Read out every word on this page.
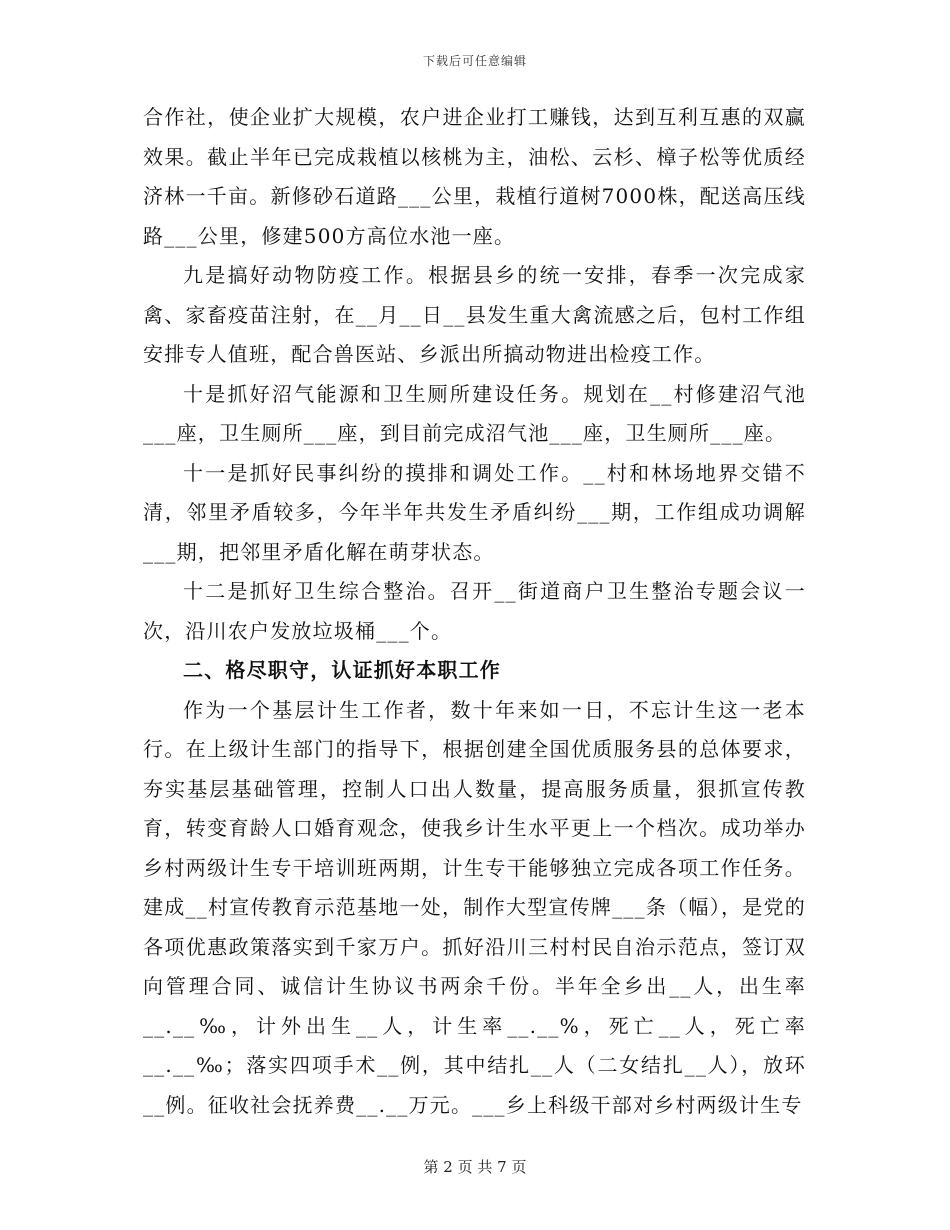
下载后可任意编辑

合作社，使企业扩大规模，农户进企业打工赚钱，达到互利互惠的双赢效果。截止半年已完成栽植以核桃为主，油松、云杉、樟子松等优质经济林一千亩。新修砂石道路___公里，栽植行道树7000株，配送高压线路___公里，修建500方高位水池一座。

九是搞好动物防疫工作。根据县乡的统一安排，春季一次完成家禽、家畜疫苗注射，在__月__日__县发生重大禽流感之后，包村工作组安排专人值班，配合兽医站、乡派出所搞动物进出检疫工作。

十是抓好沼气能源和卫生厕所建设任务。规划在__村修建沼气池___座，卫生厕所___座，到目前完成沼气池___座，卫生厕所___座。

十一是抓好民事纠纷的摸排和调处工作。__村和林场地界交错不清，邻里矛盾较多，今年半年共发生矛盾纠纷___期，工作组成功调解___期，把邻里矛盾化解在萌芽状态。

十二是抓好卫生综合整治。召开__街道商户卫生整治专题会议一次，沿川农户发放垃圾桶___个。

二、格尽职守，认证抓好本职工作

作为一个基层计生工作者，数十年来如一日，不忘计生这一老本行。在上级计生部门的指导下，根据创建全国优质服务县的总体要求，夯实基层基础管理，控制人口出人数量，提高服务质量，狠抓宣传教育，转变育龄人口婚育观念，使我乡计生水平更上一个档次。成功举办乡村两级计生专干培训班两期，计生专干能够独立完成各项工作任务。建成__村宣传教育示范基地一处，制作大型宣传牌___条（幅），是党的各项优惠政策落实到千家万户。抓好沿川三村村民自治示范点，签订双向管理合同、诚信计生协议书两余千份。半年全乡出__人，出生率__.__‰，计外出生__人，计生率__.__%，死亡__人，死亡率__.__‰；落实四项手术__例，其中结扎__人（二女结扎__人），放环__例。征收社会抚养费__.__万元。___乡上科级干部对乡村两级计生专

第 2 页 共 7 页
